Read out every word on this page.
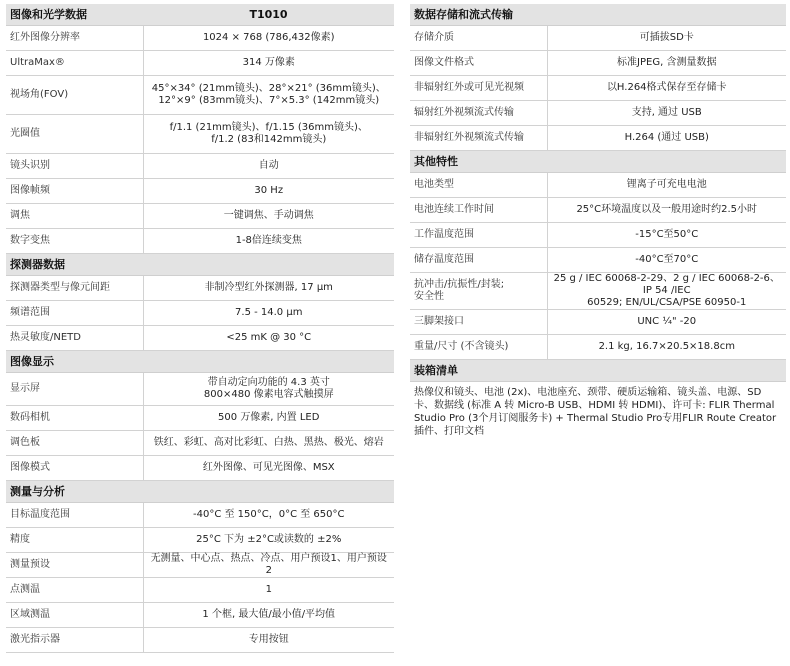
图像和光学数据	T1010
红外图像分辨率	1024 × 768 (786,432像素)
UltraMax®	314 万像素
视场角(FOV)	45°×34° (21mm镜头)、28°×21° (36mm镜头)、
12°×9° (83mm镜头)、7°×5.3° (142mm镜头)
光圈值	f/1.1 (21mm镜头)、f/1.15 (36mm镜头)、
f/1.2 (83和142mm镜头)
镜头识别	自动
图像帧频	30 Hz
调焦	一键调焦、手动调焦
数字变焦	1-8倍连续变焦
探测器数据	
探测器类型与像元间距	非制冷型红外探测器, 17 µm
频谱范围	7.5 - 14.0 µm
热灵敏度/NETD	<25 mK @ 30 °C
图像显示	
显示屏	带自动定向功能的 4.3 英寸
800×480 像素电容式触摸屏
数码相机	500 万像素, 内置 LED
调色板	铁红、彩虹、高对比彩虹、白热、黑热、极光、熔岩
图像模式	红外图像、可见光图像、MSX
测量与分析	
目标温度范围	-40°C 至 150°C，0°C 至 650°C
精度	25°C 下为 ±2°C或读数的 ±2%
测量预设	无测量、中心点、热点、冷点、用户预设1、用户预设2
点测温	1
区域测温	1 个框, 最大值/最小值/平均值
激光指示器	专用按钮
数据存储和流式传输	
存储介质	可插拔SD卡
图像文件格式	标准JPEG, 含测量数据
非辐射红外或可见光视频	以H.264格式保存至存储卡
辐射红外视频流式传输	支持, 通过 USB
非辐射红外视频流式传输	H.264 (通过 USB)
其他特性	
电池类型	锂离子可充电电池
电池连续工作时间	25°C环境温度以及一般用途时约2.5小时
工作温度范围	-15°C至50°C
储存温度范围	-40°C至70°C
抗冲击/抗振性/封装;
安全性	25 g / IEC 60068-2-29、2 g / IEC 60068-2-6、IP 54 /IEC
60529; EN/UL/CSA/PSE 60950-1
三脚架接口	UNC ¼" -20
重量/尺寸 (不含镜头)	2.1 kg, 16.7×20.5×18.8cm
装箱清单	
热像仪和镜头、电池 (2x)、电池座充、颈带、硬质运输箱、镜头盖、电源、SD 卡、数据线 (标准 A 转 Micro-B USB、HDMI 转 HDMI)、许可卡: FLIR Thermal Studio Pro (3个月订阅服务卡) + Thermal Studio Pro专用FLIR Route Creator插件、打印文档
